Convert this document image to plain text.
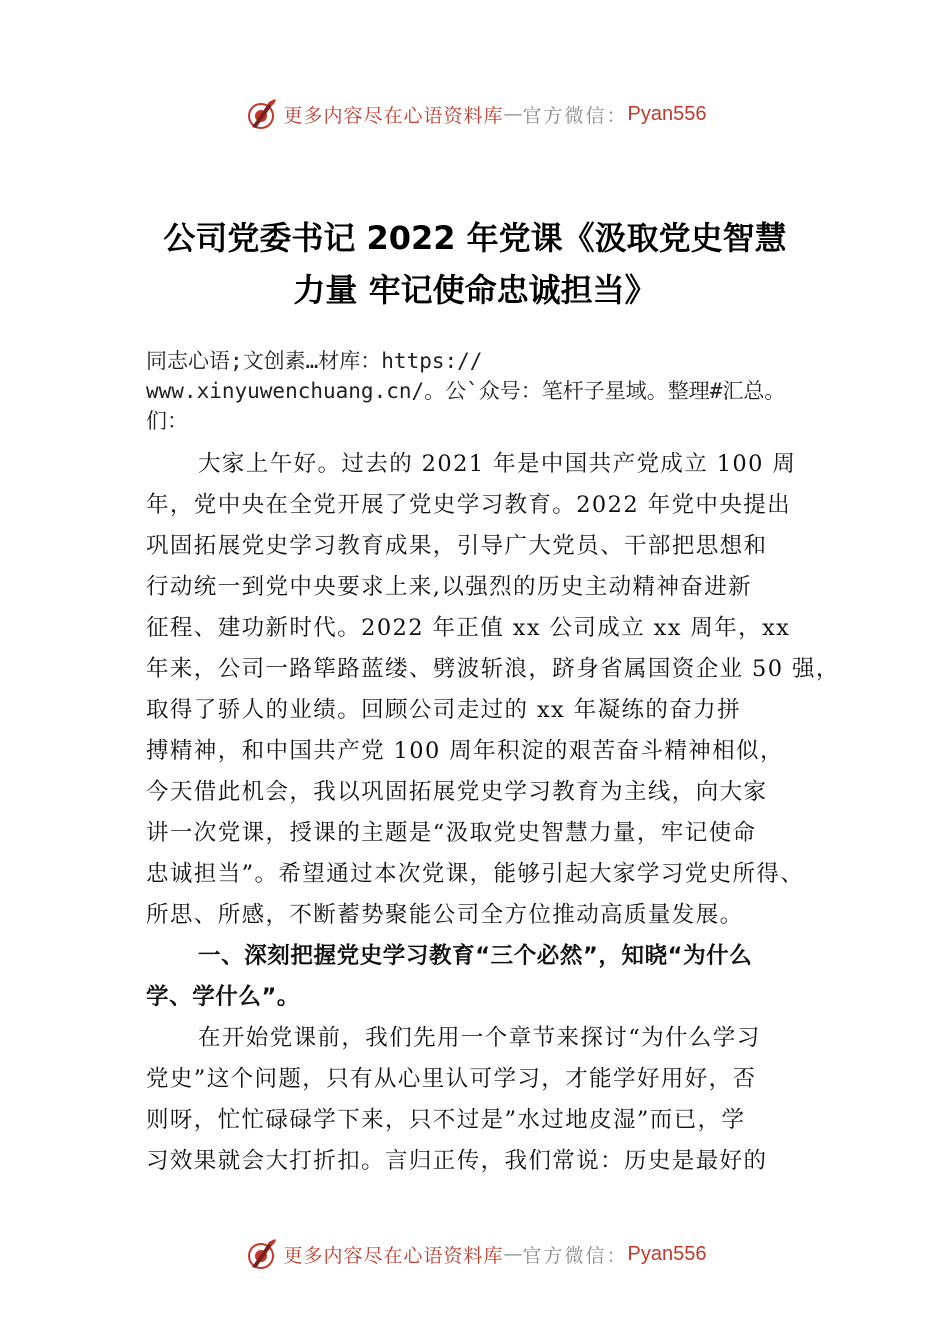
更多内容尽在心语资料库 — 官方微信： Pyan556
公司党委书记 2022 年党课《汲取党史智慧
力量 牢记使命忠诚担当》
同志心语;文创素…材库：https://
www.xinyuwenchuang.cn/。公`众号：笔杆子星域。整理#汇总。
们：
大家上午好。过去的 2021 年是中国共产党成立 100 周
年，党中央在全党开展了党史学习教育。2022 年党中央提出
巩固拓展党史学习教育成果，引导广大党员、干部把思想和
行动统一到党中央要求上来,以强烈的历史主动精神奋进新
征程、建功新时代。2022 年正值 xx 公司成立 xx 周年，xx
年来，公司一路筚路蓝缕、劈波斩浪，跻身省属国资企业 50 强，
取得了骄人的业绩。回顾公司走过的 xx 年凝练的奋力拼
搏精神，和中国共产党 100 周年积淀的艰苦奋斗精神相似，
今天借此机会，我以巩固拓展党史学习教育为主线，向大家
讲一次党课，授课的主题是“汲取党史智慧力量，牢记使命
忠诚担当”。希望通过本次党课，能够引起大家学习党史所得、
所思、所感，不断蓄势聚能公司全方位推动高质量发展。
一、深刻把握党史学习教育“三个必然”，知晓“为什么
学、学什么”。
在开始党课前，我们先用一个章节来探讨“为什么学习
党史”这个问题，只有从心里认可学习，才能学好用好，否
则呀，忙忙碌碌学下来，只不过是”水过地皮湿”而已，学
习效果就会大打折扣。言归正传，我们常说：历史是最好的
更多内容尽在心语资料库 — 官方微信： Pyan556
